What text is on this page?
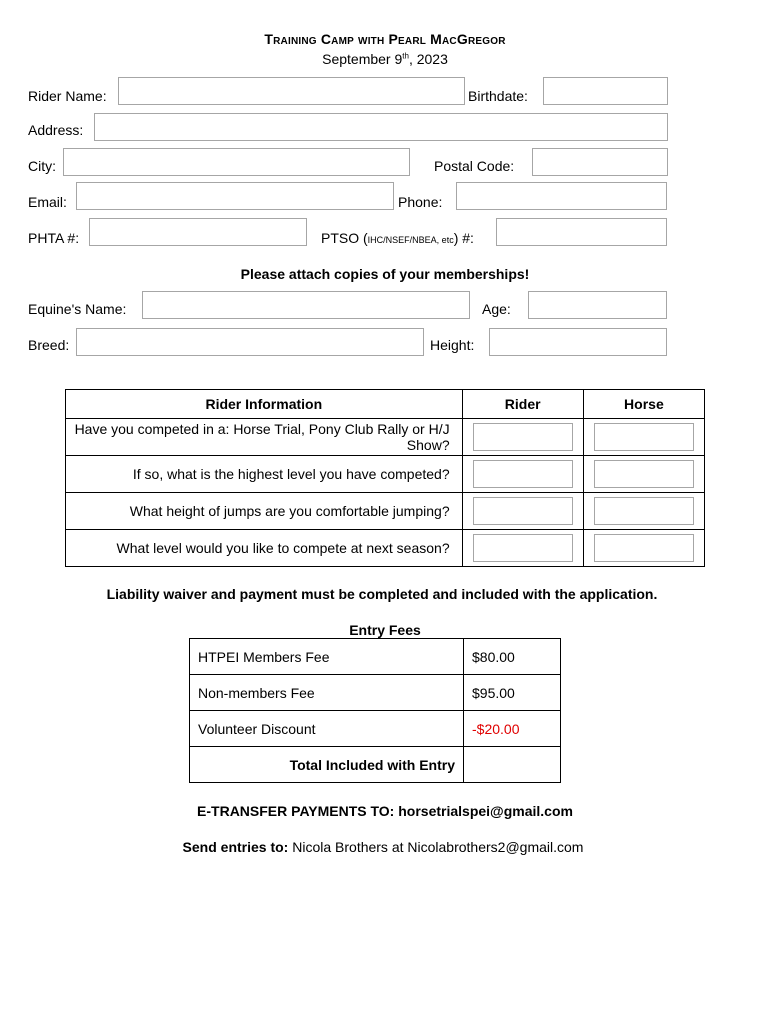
Training Camp with Pearl MacGregor
September 9th, 2023
Rider Name:	Birthdate:
Address:
City:	Postal Code:
Email:	Phone:
PHTA #:	PTSO (IHC/NSEF/NBEA, etc) #:
Please attach copies of your memberships!
Equine's Name:	Age:
Breed:	Height:
Rider Information	Rider	Horse
Have you competed in a: Horse Trial, Pony Club Rally or H/J Show?		
If so, what is the highest level you have competed?		
What height of jumps are you comfortable jumping?		
What level would you like to compete at next season?		
Liability waiver and payment must be completed and included with the application.
Entry Fees
HTPEI Members Fee	$80.00
Non-members Fee	$95.00
Volunteer Discount	-$20.00
Total Included with Entry	
E-TRANSFER PAYMENTS TO: horsetrialspei@gmail.com
Send entries to: Nicola Brothers at Nicolabrothers2@gmail.com
